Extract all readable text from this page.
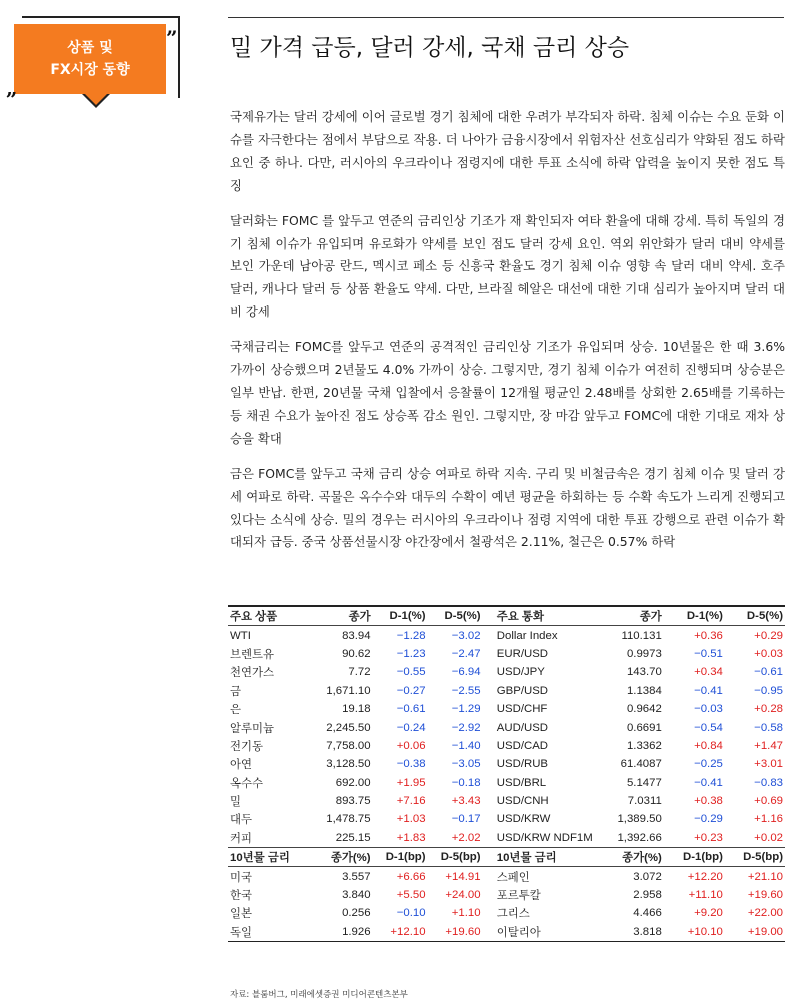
상품 및
FX시장 동향
”
„
밀 가격 급등, 달러 강세, 국채 금리 상승

국제유가는 달러 강세에 이어 글로벌 경기 침체에 대한 우려가 부각되자 하락. 침체 이슈는 수요 둔화 이슈를 자극한다는 점에서 부담으로 작용. 더 나아가 금융시장에서 위험자산 선호심리가 약화된 점도 하락 요인 중 하나. 다만, 러시아의 우크라이나 점령지에 대한 투표 소식에 하락 압력을 높이지 못한 점도 특징

달러화는 FOMC 를 앞두고 연준의 금리인상 기조가 재 확인되자 여타 환율에 대해 강세. 특히 독일의 경기 침체 이슈가 유입되며 유로화가 약세를 보인 점도 달러 강세 요인. 역외 위안화가 달러 대비 약세를 보인 가운데 남아공 란드, 멕시코 페소 등 신흥국 환율도 경기 침체 이슈 영향 속 달러 대비 약세. 호주 달러, 캐나다 달러 등 상품 환율도 약세. 다만, 브라질 헤알은 대선에 대한 기대 심리가 높아지며 달러 대비 강세

국채금리는 FOMC를 앞두고 연준의 공격적인 금리인상 기조가 유입되며 상승. 10년물은 한 때 3.6% 가까이 상승했으며 2년물도 4.0% 가까이 상승. 그렇지만, 경기 침체 이슈가 여전히 진행되며 상승분은 일부 반납. 한편, 20년물 국채 입찰에서 응찰률이 12개월 평균인 2.48배를 상회한 2.65배를 기록하는 등 채권 수요가 높아진 점도 상승폭 감소 원인. 그렇지만, 장 마감 앞두고 FOMC에 대한 기대로 재차 상승을 확대

금은 FOMC를 앞두고 국채 금리 상승 여파로 하락 지속. 구리 및 비철금속은 경기 침체 이슈 및 달러 강세 여파로 하락. 곡물은 옥수수와 대두의 수확이 예년 평균을 하회하는 등 수확 속도가 느리게 진행되고 있다는 소식에 상승. 밀의 경우는 러시아의 우크라이나 점령 지역에 대한 투표 강행으로 관련 이슈가 확대되자 급등. 중국 상품선물시장 야간장에서 철광석은 2.11%, 철근은 0.57% 하락

주요 상품	종가	D-1(%)	D-5(%)		주요 통화	종가	D-1(%)	D-5(%)
WTI	83.94	−1.28	−3.02		Dollar Index	110.131	+0.36	+0.29
브렌트유	90.62	−1.23	−2.47		EUR/USD	0.9973	−0.51	+0.03
천연가스	7.72	−0.55	−6.94		USD/JPY	143.70	+0.34	−0.61
금	1,671.10	−0.27	−2.55		GBP/USD	1.1384	−0.41	−0.95
은	19.18	−0.61	−1.29		USD/CHF	0.9642	−0.03	+0.28
알루미늄	2,245.50	−0.24	−2.92		AUD/USD	0.6691	−0.54	−0.58
전기동	7,758.00	+0.06	−1.40		USD/CAD	1.3362	+0.84	+1.47
아연	3,128.50	−0.38	−3.05		USD/RUB	61.4087	−0.25	+3.01
옥수수	692.00	+1.95	−0.18		USD/BRL	5.1477	−0.41	−0.83
밀	893.75	+7.16	+3.43		USD/CNH	7.0311	+0.38	+0.69
대두	1,478.75	+1.03	−0.17		USD/KRW	1,389.50	−0.29	+1.16
커피	225.15	+1.83	+2.02		USD/KRW NDF1M	1,392.66	+0.23	+0.02
10년물 금리	종가(%)	D-1(bp)	D-5(bp)		10년물 금리	종가(%)	D-1(bp)	D-5(bp)
미국	3.557	+6.66	+14.91		스페인	3.072	+12.20	+21.10
한국	3.840	+5.50	+24.00		포르투칼	2.958	+11.10	+19.60
일본	0.256	−0.10	+1.10		그리스	4.466	+9.20	+22.00
독일	1.926	+12.10	+19.60		이탈리아	3.818	+10.10	+19.00
자료: 블룸버그, 미래에셋증권 미디어콘텐츠본부
